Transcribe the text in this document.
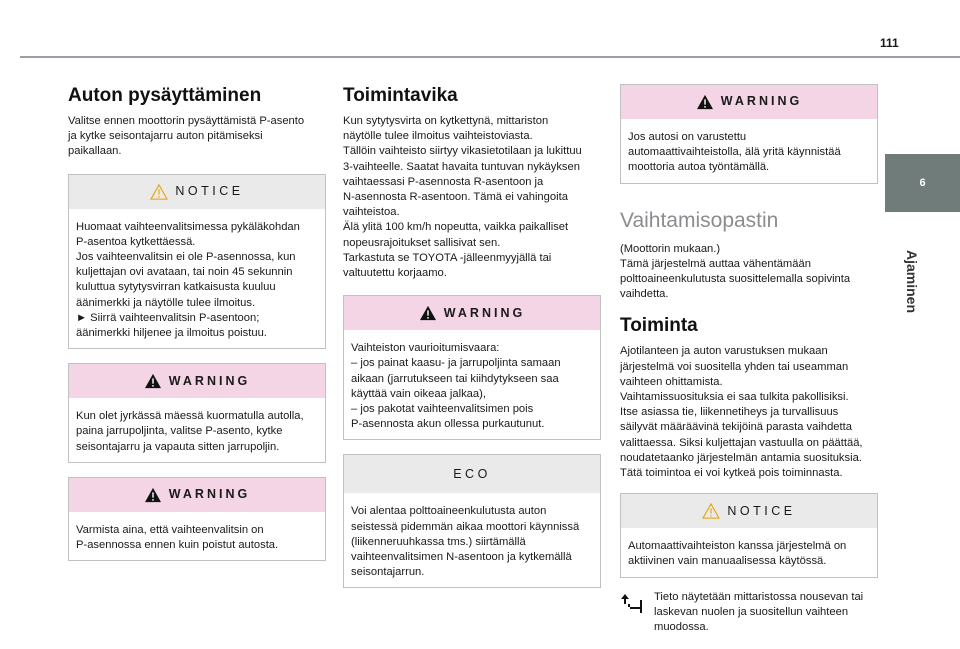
111
6
Ajaminen
Auton pysäyttäminen

Valitse ennen moottorin pysäyttämistä P-asento
ja kytke seisontajarru auton pitämiseksi
paikallaan.

NOTICE
Huomaat vaihteenvalitsimessa pykäläkohdan
P-asentoa kytkettäessä.
Jos vaihteenvalitsin ei ole P-asennossa, kun
kuljettajan ovi avataan, tai noin 45 sekunnin
kuluttua sytytysvirran katkaisusta kuuluu
äänimerkki ja näytölle tulee ilmoitus.
► Siirrä vaihteenvalitsin P-asentoon;
äänimerkki hiljenee ja ilmoitus poistuu.
WARNING
Kun olet jyrkässä mäessä kuormatulla autolla,
paina jarrupoljinta, valitse P-asento, kytke
seisontajarru ja vapauta sitten jarrupoljin.
WARNING
Varmista aina, että vaihteenvalitsin on
P-asennossa ennen kuin poistut autosta.
Toimintavika

Kun sytytysvirta on kytkettynä, mittariston
näytölle tulee ilmoitus vaihteistoviasta.
Tällöin vaihteisto siirtyy vikasietotilaan ja lukittuu
3-vaihteelle. Saatat havaita tuntuvan nykäyksen
vaihtaessasi P-asennosta R-asentoon ja
N-asennosta R-asentoon. Tämä ei vahingoita
vaihteistoa.
Älä ylitä 100 km/h nopeutta, vaikka paikalliset
nopeusrajoitukset sallisivat sen.
Tarkastuta se TOYOTA -jälleenmyyjällä tai
valtuutettu korjaamo.

WARNING
Vaihteiston vaurioitumisvaara:
– jos painat kaasu- ja jarrupoljinta samaan
aikaan (jarrutukseen tai kiihdytykseen saa
käyttää vain oikeaa jalkaa),
– jos pakotat vaihteenvalitsimen pois
P-asennosta akun ollessa purkautunut.
ECO
Voi alentaa polttoaineenkulutusta auton
seistessä pidemmän aikaa moottori käynnissä
(liikenneruuhkassa tms.) siirtämällä
vaihteenvalitsimen N-asentoon ja kytkemällä
seisontajarrun.
WARNING
Jos autosi on varustettu
automaattivaihteistolla, älä yritä käynnistää
moottoria autoa työntämällä.
Vaihtamisopastin

(Moottorin mukaan.)
Tämä järjestelmä auttaa vähentämään
polttoaineenkulutusta suosittelemalla sopivinta
vaihdetta.

Toiminta

Ajotilanteen ja auton varustuksen mukaan
järjestelmä voi suositella yhden tai useamman
vaihteen ohittamista.
Vaihtamissuosituksia ei saa tulkita pakollisiksi.
Itse asiassa tie, liikennetiheys ja turvallisuus
säilyvät määräävinä tekijöinä parasta vaihdetta
valittaessa. Siksi kuljettajan vastuulla on päättää,
noudatetaanko järjestelmän antamia suosituksia.
Tätä toimintoa ei voi kytkeä pois toiminnasta.

NOTICE
Automaattivaihteiston kanssa järjestelmä on
aktiivinen vain manuaalisessa käytössä.

Tieto näytetään mittaristossa nousevan tai
laskevan nuolen ja suositellun vaihteen
muodossa.
